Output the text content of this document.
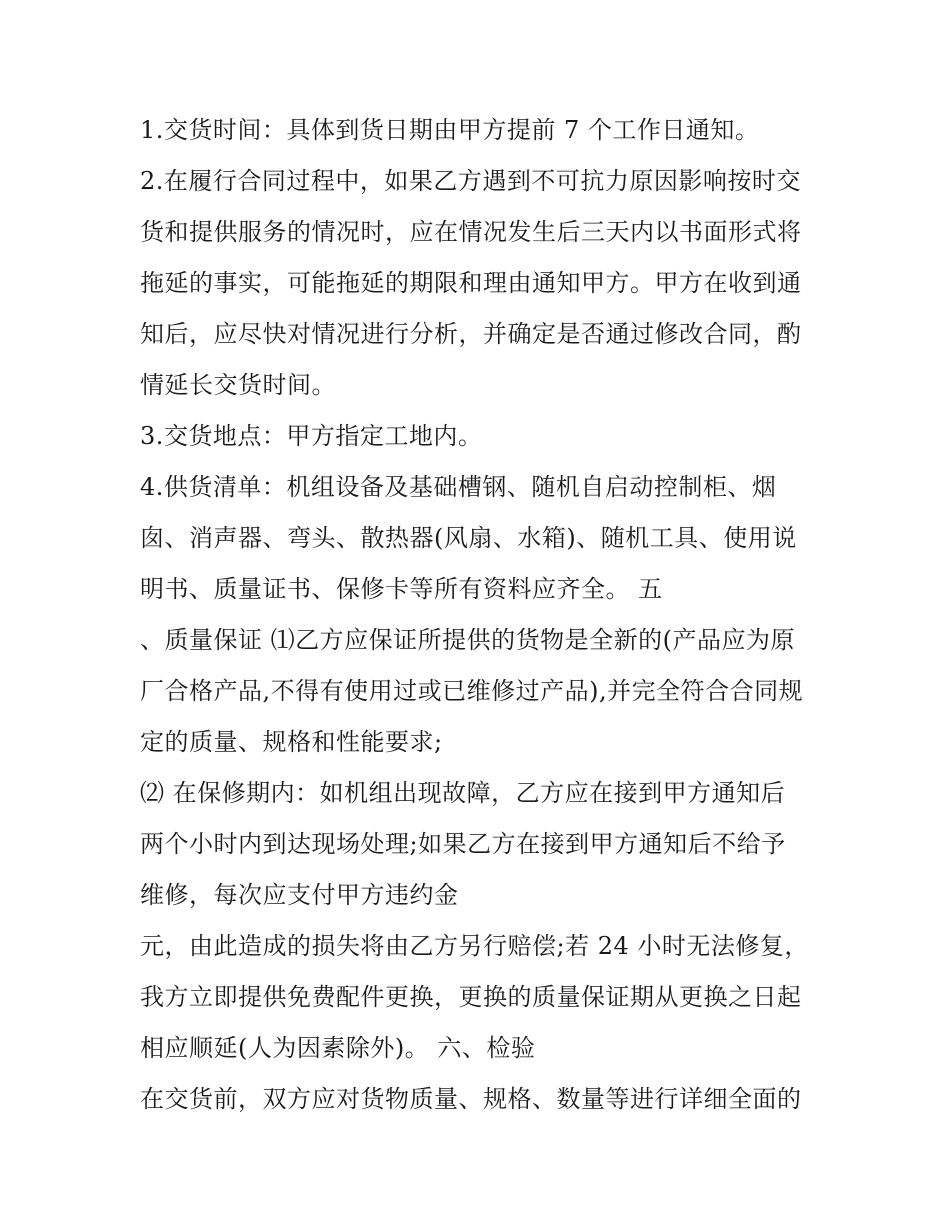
1.交货时间：具体到货日期由甲方提前 7 个工作日通知。
2.在履行合同过程中，如果乙方遇到不可抗力原因影响按时交
货和提供服务的情况时，应在情况发生后三天内以书面形式将
拖延的事实，可能拖延的期限和理由通知甲方。甲方在收到通
知后，应尽快对情况进行分析，并确定是否通过修改合同，酌
情延长交货时间。
3.交货地点：甲方指定工地内。
4.供货清单：机组设备及基础槽钢、随机自启动控制柜、烟
囱、消声器、弯头、散热器(风扇、水箱)、随机工具、使用说
明书、质量证书、保修卡等所有资料应齐全。 五
、质量保证 ⑴乙方应保证所提供的货物是全新的(产品应为原
厂合格产品,不得有使用过或已维修过产品),并完全符合合同规
定的质量、规格和性能要求;
⑵ 在保修期内：如机组出现故障，乙方应在接到甲方通知后
两个小时内到达现场处理;如果乙方在接到甲方通知后不给予
维修，每次应支付甲方违约金
元，由此造成的损失将由乙方另行赔偿;若 24 小时无法修复，
我方立即提供免费配件更换，更换的质量保证期从更换之日起
相应顺延(人为因素除外)。 六、检验
在交货前，双方应对货物质量、规格、数量等进行详细全面的
